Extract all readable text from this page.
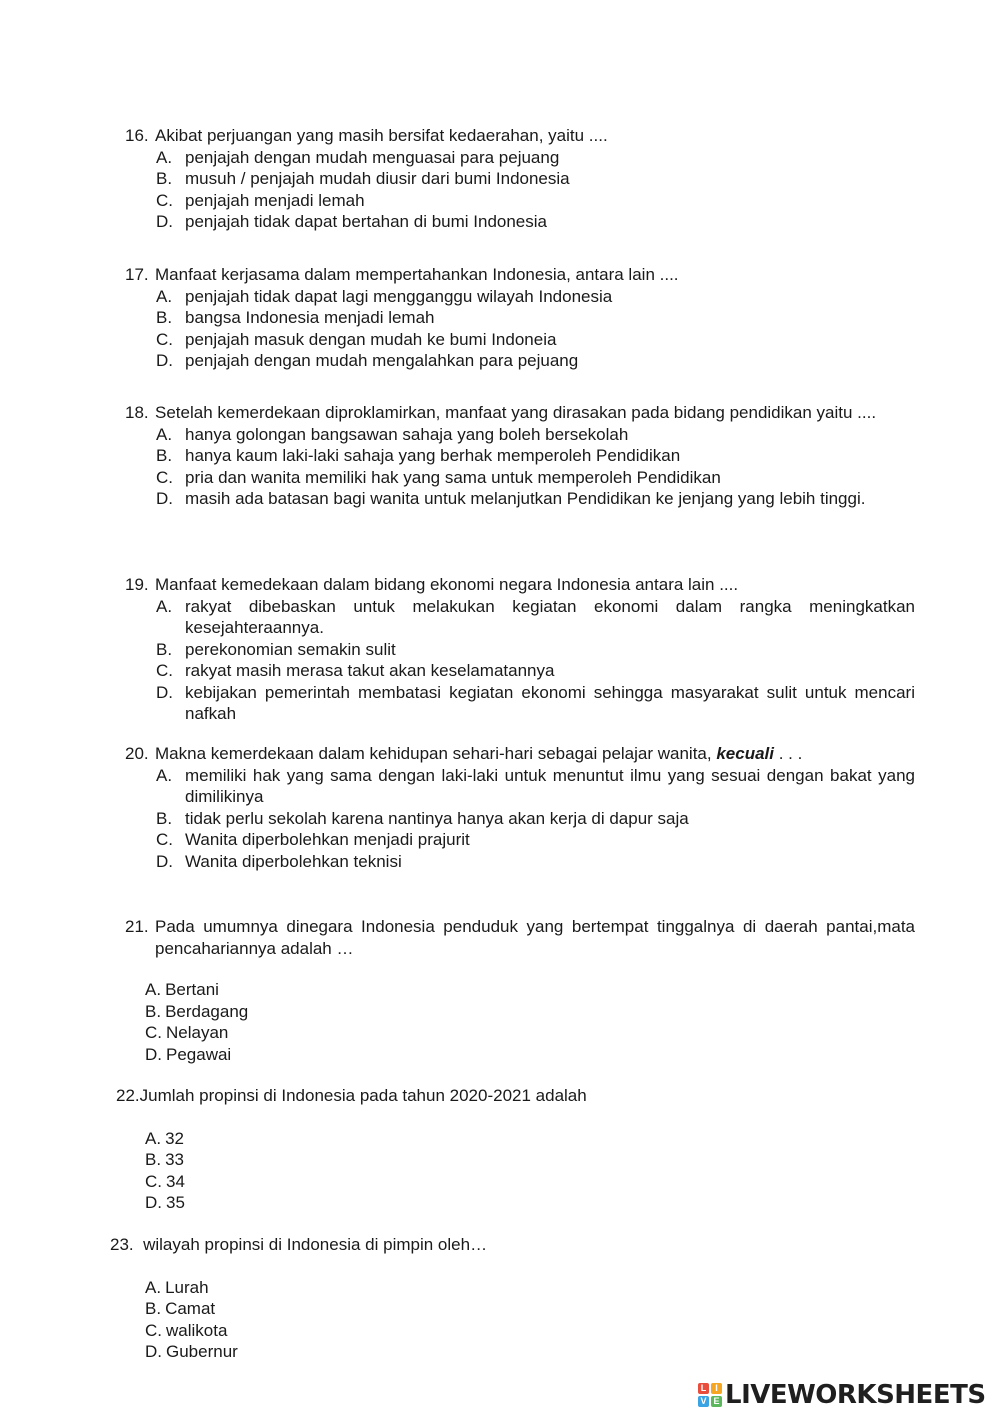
16. Akibat perjuangan yang masih bersifat kedaerahan, yaitu ....
A. penjajah dengan mudah menguasai para pejuang
B. musuh / penjajah mudah diusir dari bumi Indonesia
C. penjajah menjadi lemah
D. penjajah tidak dapat bertahan di bumi Indonesia
17. Manfaat kerjasama dalam mempertahankan Indonesia, antara lain ....
A. penjajah tidak dapat lagi mengganggu wilayah Indonesia
B. bangsa Indonesia menjadi lemah
C. penjajah masuk dengan mudah ke bumi Indoneia
D. penjajah dengan mudah mengalahkan para pejuang
18. Setelah kemerdekaan diproklamirkan, manfaat yang dirasakan pada bidang pendidikan yaitu ....
A. hanya golongan bangsawan sahaja yang boleh bersekolah
B. hanya kaum laki-laki sahaja yang berhak memperoleh Pendidikan
C. pria dan wanita memiliki hak yang sama untuk memperoleh Pendidikan
D. masih ada batasan bagi wanita untuk melanjutkan Pendidikan ke jenjang yang lebih tinggi.
19. Manfaat kemedekaan dalam bidang ekonomi negara Indonesia antara lain ....
A. rakyat dibebaskan untuk melakukan kegiatan ekonomi dalam rangka meningkatkan kesejahteraannya.
B. perekonomian semakin sulit
C. rakyat masih merasa takut akan keselamatannya
D. kebijakan pemerintah membatasi kegiatan ekonomi sehingga masyarakat sulit untuk mencari nafkah
20. Makna kemerdekaan dalam kehidupan sehari-hari sebagai pelajar wanita, kecuali . . .
A. memiliki hak yang sama dengan laki-laki untuk menuntut ilmu yang sesuai dengan bakat yang dimilikinya
B. tidak perlu sekolah karena nantinya hanya akan kerja di dapur saja
C. Wanita diperbolehkan menjadi prajurit
D. Wanita diperbolehkan teknisi
21. Pada umumnya dinegara Indonesia penduduk yang bertempat tinggalnya di daerah pantai,mata pencahariannya adalah …
A. Bertani
B. Berdagang
C. Nelayan
D. Pegawai
22.Jumlah propinsi di Indonesia pada tahun 2020-2021 adalah
A. 32
B. 33
C. 34
D. 35
23. wilayah propinsi di Indonesia di pimpin oleh…
A. Lurah
B. Camat
C. walikota
D. Gubernur
L I
V E LIVEWORKSHEETS
